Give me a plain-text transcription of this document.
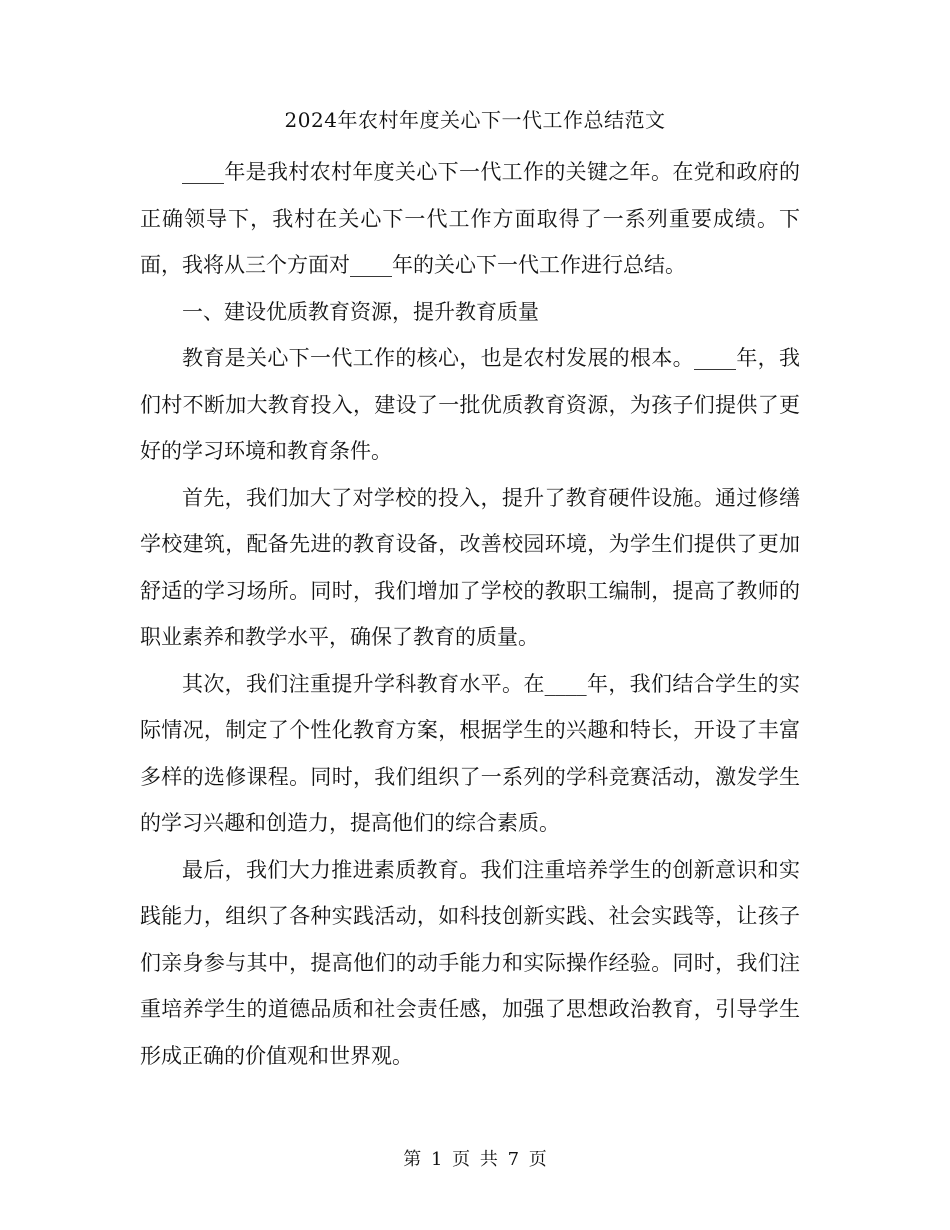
2024年农村年度关心下一代工作总结范文

____年是我村农村年度关心下一代工作的关键之年。在党和政府的正确领导下，我村在关心下一代工作方面取得了一系列重要成绩。下面，我将从三个方面对____年的关心下一代工作进行总结。

一、建设优质教育资源，提升教育质量

教育是关心下一代工作的核心，也是农村发展的根本。____年，我们村不断加大教育投入，建设了一批优质教育资源，为孩子们提供了更好的学习环境和教育条件。

首先，我们加大了对学校的投入，提升了教育硬件设施。通过修缮学校建筑，配备先进的教育设备，改善校园环境，为学生们提供了更加舒适的学习场所。同时，我们增加了学校的教职工编制，提高了教师的职业素养和教学水平，确保了教育的质量。

其次，我们注重提升学科教育水平。在____年，我们结合学生的实际情况，制定了个性化教育方案，根据学生的兴趣和特长，开设了丰富多样的选修课程。同时，我们组织了一系列的学科竞赛活动，激发学生的学习兴趣和创造力，提高他们的综合素质。

最后，我们大力推进素质教育。我们注重培养学生的创新意识和实践能力，组织了各种实践活动，如科技创新实践、社会实践等，让孩子们亲身参与其中，提高他们的动手能力和实际操作经验。同时，我们注重培养学生的道德品质和社会责任感，加强了思想政治教育，引导学生形成正确的价值观和世界观。

第 1 页 共 7 页
